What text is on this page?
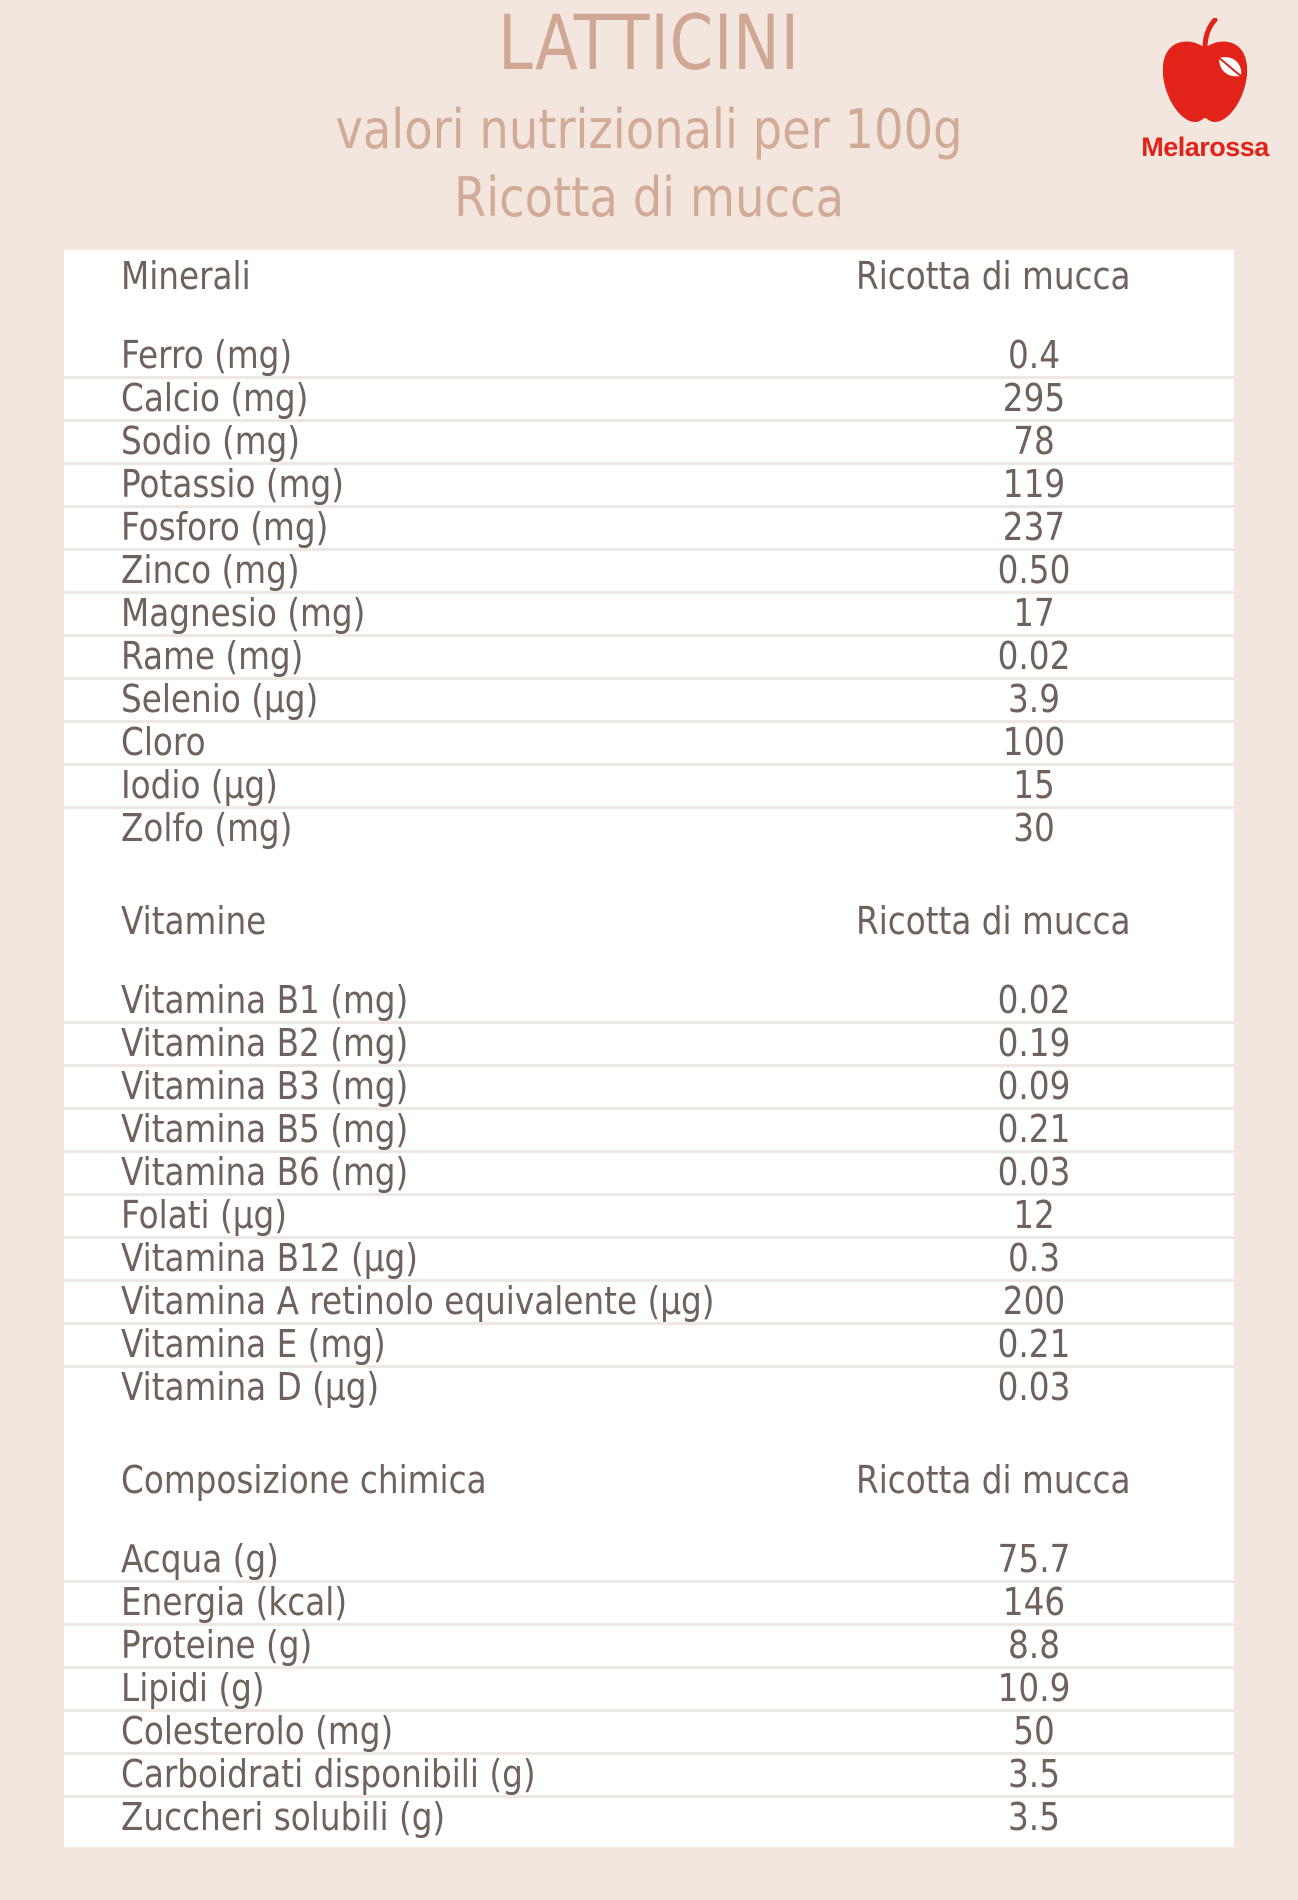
LATTICINI
valori nutrizionali per 100g
Ricotta di mucca
Melarossa
Minerali	Ricotta di mucca
Ferro (mg)	0.4
Calcio (mg)	295
Sodio (mg)	78
Potassio (mg)	119
Fosforo (mg)	237
Zinco (mg)	0.50
Magnesio (mg)	17
Rame (mg)	0.02
Selenio (µg)	3.9
Cloro	100
Iodio (µg)	15
Zolfo (mg)	30
Vitamine	Ricotta di mucca
Vitamina B1 (mg)	0.02
Vitamina B2 (mg)	0.19
Vitamina B3 (mg)	0.09
Vitamina B5 (mg)	0.21
Vitamina B6 (mg)	0.03
Folati (µg)	12
Vitamina B12 (µg)	0.3
Vitamina A retinolo equivalente (µg)	200
Vitamina E (mg)	0.21
Vitamina D (µg)	0.03
Composizione chimica	Ricotta di mucca
Acqua (g)	75.7
Energia (kcal)	146
Proteine (g)	8.8
Lipidi (g)	10.9
Colesterolo (mg)	50
Carboidrati disponibili (g)	3.5
Zuccheri solubili (g)	3.5
